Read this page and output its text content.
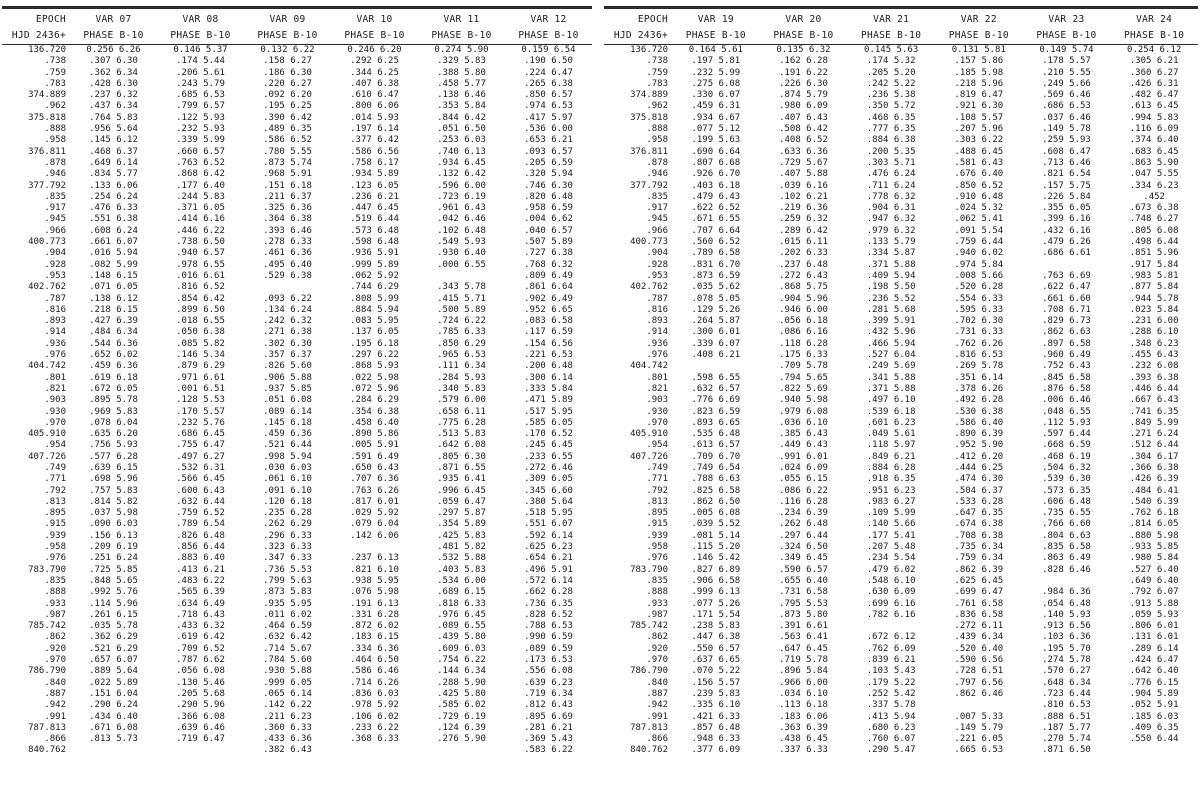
EPOCH	VAR 07	VAR 08	VAR 09	VAR 10	VAR 11	VAR 12
HJD 2436+	PHASE B-10	PHASE B-10	PHASE B-10	PHASE B-10	PHASE B-10	PHASE B-10
136.720	0.256 6.26	0.146 5.37	0.132 6.22	0.246 6.20	0.274 5.90	0.159 6.54
.738	.307 6.30	.174 5.44	.158 6.27	.292 6.25	.329 5.83	.190 6.50
.759	.362 6.34	.206 5.61	.186 6.30	.344 6.25	.388 5.80	.224 6.47
.783	.428 6.30	.243 5.79	.220 6.27	.407 6.38	.458 5.77	.265 6.38
374.889	.237 6.32	.685 6.53	.092 6.20	.610 6.47	.138 6.46	.850 6.57
.962	.437 6.34	.799 6.57	.195 6.25	.800 6.06	.353 5.84	.974 6.53
375.818	.764 5.83	.122 5.93	.390 6.42	.014 5.93	.844 6.42	.417 5.97
.888	.956 5.64	.232 5.93	.489 6.35	.197 6.14	.051 6.50	.536 6.00
.958	.145 6.12	.339 5.99	.586 6.52	.377 6.42	.253 6.03	.653 6.21
376.811	.468 6.37	.660 6.57	.780 5.55	.586 6.56	.740 6.13	.093 6.57
.878	.649 6.14	.763 6.52	.873 5.74	.758 6.17	.934 6.45	.205 6.59
.946	.834 5.77	.868 6.42	.968 5.91	.934 5.89	.132 6.42	.320 5.94
377.792	.133 6.06	.177 6.40	.151 6.18	.123 6.05	.596 6.00	.746 6.30
.835	.254 6.24	.244 5.83	.211 6.37	.236 6.21	.723 6.19	.820 6.48
.917	.476 6.33	.371 6.05	.325 6.36	.447 6.45	.961 6.43	.958 6.59
.945	.551 6.38	.414 6.16	.364 6.38	.519 6.44	.042 6.46	.004 6.62
.966	.608 6.24	.446 6.22	.393 6.46	.573 6.48	.102 6.48	.040 6.57
400.773	.661 6.07	.738 6.50	.278 6.33	.598 6.48	.549 5.93	.507 5.89
.904	.016 5.94	.940 6.57	.461 6.36	.936 5.91	.930 6.40	.727 6.38
.928	.082 5.99	.978 6.55	.495 6.40	.999 5.89	.000 6.55	.768 6.32
.953	.148 6.15	.016 6.61	.529 6.38	.062 5.92		.809 6.49
402.762	.071 6.05	.816 6.52		.744 6.29	.343 5.78	.861 6.64
.787	.138 6.12	.854 6.42	.093 6.22	.808 5.99	.415 5.71	.902 6.49
.816	.218 6.15	.899 6.50	.134 6.24	.884 5.94	.500 5.89	.952 6.65
.893	.427 6.39	.018 6.55	.242 6.32	.083 5.95	.724 6.22	.083 6.58
.914	.484 6.34	.050 6.38	.271 6.38	.137 6.05	.785 6.33	.117 6.59
.936	.544 6.36	.085 5.82	.302 6.30	.195 6.18	.850 6.29	.154 6.56
.976	.652 6.02	.146 5.34	.357 6.37	.297 6.22	.965 6.53	.221 6.53
404.742	.459 6.36	.879 6.29	.826 5.60	.868 5.93	.111 6.34	.200 6.48
.801	.619 6.18	.971 6.61	.906 5.88	.022 5.98	.284 5.93	.300 6.14
.821	.672 6.05	.001 6.51	.937 5.85	.072 5.96	.340 5.83	.333 5.84
.903	.895 5.78	.128 5.53	.051 6.08	.284 6.29	.579 6.00	.471 5.89
.930	.969 5.83	.170 5.57	.089 6.14	.354 6.38	.658 6.11	.517 5.95
.970	.078 6.04	.232 5.76	.145 6.18	.458 6.40	.775 6.28	.585 6.05
405.910	.635 6.20	.686 6.45	.459 6.36	.890 5.86	.513 5.83	.170 6.52
.954	.756 5.93	.755 6.47	.521 6.44	.005 5.91	.642 6.08	.245 6.45
407.726	.577 6.28	.497 6.27	.998 5.94	.591 6.49	.805 6.30	.233 6.55
.749	.639 6.15	.532 6.31	.030 6.03	.650 6.43	.871 6.55	.272 6.46
.771	.698 5.96	.566 6.45	.061 6.10	.707 6.36	.935 6.41	.309 6.05
.792	.757 5.83	.600 6.43	.091 6.10	.763 6.26	.996 6.45	.345 6.60
.813	.814 5.82	.632 6.44	.120 6.18	.817 6.01	.059 6.47	.380 5.64
.895	.037 5.98	.759 6.52	.235 6.28	.029 5.92	.297 5.87	.518 5.95
.915	.090 6.03	.789 6.54	.262 6.29	.079 6.04	.354 5.89	.551 6.07
.939	.156 6.13	.826 6.48	.296 6.33	.142 6.06	.425 5.83	.592 6.14
.958	.209 6.19	.856 6.44	.323 6.33		.481 5.82	.625 6.23
.976	.251 6.24	.883 6.40	.347 6.33	.237 6.13	.532 5.88	.654 6.21
783.790	.725 5.85	.413 6.21	.736 5.53	.821 6.10	.403 5.83	.496 5.91
.835	.848 5.65	.483 6.22	.799 5.63	.938 5.95	.534 6.00	.572 6.14
.888	.992 5.76	.565 6.39	.873 5.83	.076 5.98	.689 6.15	.662 6.28
.933	.114 5.96	.634 6.49	.935 5.95	.191 6.13	.818 6.33	.736 6.35
.987	.261 6.15	.718 6.43	.011 6.02	.331 6.28	.976 6.45	.828 6.52
785.742	.035 5.78	.433 6.32	.464 6.59	.872 6.02	.089 6.55	.788 6.53
.862	.362 6.29	.619 6.42	.632 6.42	.183 6.15	.439 5.80	.990 6.59
.920	.521 6.29	.709 6.52	.714 5.67	.334 6.36	.609 6.03	.089 6.59
.970	.657 6.07	.787 6.62	.784 5.60	.464 6.50	.754 6.22	.173 6.53
786.790	.889 5.64	.056 6.08	.930 5.88	.586 6.46	.144 6.34	.556 6.08
.840	.022 5.89	.130 5.46	.999 6.05	.714 6.26	.288 5.90	.639 6.23
.887	.151 6.04	.205 5.68	.065 6.14	.836 6.03	.425 5.80	.719 6.34
.942	.290 6.24	.290 5.96	.142 6.22	.978 5.92	.585 6.02	.812 6.43
.991	.434 6.40	.366 6.08	.211 6.23	.106 6.02	.729 6.19	.895 6.69
787.813	.671 6.08	.639 6.46	.360 6.33	.233 6.22	.124 6.39	.281 6.21
.866	.813 5.73	.719 6.47	.433 6.36	.368 6.33	.276 5.90	.369 5.43
840.762			.382 6.43			.583 6.22
EPOCH	VAR 19	VAR 20	VAR 21	VAR 22	VAR 23	VAR 24
HJD 2436+	PHASE B-10	PHASE B-10	PHASE B-10	PHASE B-10	PHASE B-10	PHASE B-10
136.720	0.164 5.61	0.135 6.32	0.145 5.63	0.131 5.81	0.149 5.74	0.254 6.12
.738	.197 5.81	.162 6.28	.174 5.32	.157 5.86	.178 5.57	.305 6.21
.759	.232 5.99	.191 6.22	.205 5.20	.185 5.98	.210 5.55	.360 6.27
.783	.275 6.08	.226 6.30	.242 5.22	.218 5.96	.249 5.66	.426 6.31
374.889	.330 6.07	.874 5.79	.236 5.38	.819 6.47	.569 6.46	.482 6.47
.962	.459 6.31	.980 6.09	.350 5.72	.921 6.30	.686 6.53	.613 6.45
375.818	.934 6.67	.407 6.43	.468 6.35	.108 5.57	.037 6.46	.994 5.83
.888	.077 5.12	.508 6.42	.777 6.35	.207 5.96	.149 5.78	.116 6.09
.958	.199 5.63	.408 6.52	.884 6.38	.303 6.22	.259 5.93	.374 6.40
376.811	.690 6.64	.633 6.36	.200 5.35	.488 6.45	.608 6.47	.683 6.45
.878	.807 6.68	.729 5.67	.303 5.71	.581 6.43	.713 6.46	.863 5.90
.946	.926 6.70	.407 5.88	.476 6.24	.676 6.40	.821 6.54	.047 5.55
377.792	.403 6.18	.039 6.16	.711 6.24	.850 6.52	.157 5.75	.334 6.23
.835	.479 6.43	.102 6.21	.778 6.32	.910 6.48	.226 5.84	.452
.917	.622 6.52	.219 6.36	.904 6.31	.024 5.32	.355 6.05	.673 6.38
.945	.671 6.55	.259 6.32	.947 6.32	.062 5.41	.399 6.16	.748 6.27
.966	.707 6.64	.289 6.42	.979 6.32	.091 5.54	.432 6.16	.805 6.08
400.773	.560 6.52	.015 6.11	.133 5.79	.759 6.44	.479 6.26	.498 6.44
.904	.789 6.58	.202 6.33	.334 5.87	.940 6.02	.686 6.61	.851 5.96
.928	.831 6.70	.237 6.48	.371 5.88	.974 5.84		.917 5.84
.953	.873 6.59	.272 6.43	.409 5.94	.008 5.66	.763 6.69	.983 5.81
402.762	.035 5.62	.868 5.75	.198 5.50	.520 6.28	.622 6.47	.877 5.84
.787	.078 5.05	.904 5.96	.236 5.52	.554 6.33	.661 6.60	.944 5.78
.816	.129 5.26	.946 6.00	.281 5.68	.595 6.33	.708 6.71	.023 5.84
.893	.264 5.87	.056 6.18	.399 5.91	.702 6.30	.829 6.73	.231 6.00
.914	.300 6.01	.086 6.16	.432 5.96	.731 6.33	.862 6.63	.288 6.10
.936	.339 6.07	.118 6.28	.466 5.94	.762 6.26	.897 6.58	.348 6.23
.976	.408 6.21	.175 6.33	.527 6.04	.816 6.53	.960 6.49	.455 6.43
404.742		.709 5.78	.249 5.69	.269 5.78	.752 6.43	.232 6.08
.801	.598 6.55	.794 5.65	.341 5.88	.351 6.14	.845 6.58	.393 6.38
.821	.632 6.57	.822 5.69	.371 5.88	.378 6.26	.876 6.58	.446 6.44
.903	.776 6.69	.940 5.98	.497 6.10	.492 6.28	.006 6.46	.667 6.43
.930	.823 6.59	.979 6.08	.539 6.18	.530 6.38	.048 6.55	.741 6.35
.970	.893 6.65	.036 6.10	.601 6.23	.586 6.40	.112 5.93	.849 5.99
405.910	.535 6.48	.385 6.43	.049 5.61	.890 6.39	.597 6.44	.271 6.24
.954	.613 6.57	.449 6.43	.118 5.97	.952 5.90	.668 6.59	.512 6.44
407.726	.709 6.70	.991 6.01	.849 6.21	.412 6.20	.468 6.19	.304 6.17
.749	.749 6.54	.024 6.09	.884 6.28	.444 6.25	.504 6.32	.366 6.38
.771	.788 6.63	.055 6.15	.918 6.35	.474 6.30	.539 6.30	.426 6.39
.792	.825 6.58	.086 6.22	.951 6.23	.504 6.37	.573 6.35	.484 6.41
.813	.862 6.50	.116 6.28	.983 6.27	.533 6.28	.606 6.48	.540 6.39
.895	.005 6.08	.234 6.39	.109 5.99	.647 6.35	.735 6.55	.762 6.18
.915	.039 5.52	.262 6.48	.140 5.66	.674 6.38	.766 6.60	.814 6.05
.939	.081 5.14	.297 6.44	.177 5.41	.708 6.38	.804 6.63	.880 5.98
.958	.115 5.20	.324 6.50	.207 5.48	.735 6.34	.835 6.58	.933 5.85
.976	.146 5.42	.349 6.45	.234 5.54	.759 6.34	.863 6.49	.980 5.84
783.790	.827 6.89	.590 6.57	.479 6.02	.862 6.39	.828 6.46	.527 6.40
.835	.906 6.58	.655 6.40	.548 6.10	.625 6.45		.649 6.40
.888	.999 6.13	.731 6.58	.630 6.09	.699 6.47	.984 6.36	.792 6.07
.933	.077 5.26	.795 5.53	.699 6.16	.761 6.58	.054 6.48	.913 5.88
.987	.171 5.54	.873 5.80	.782 6.16	.836 6.58	.140 5.93	.059 5.93
785.742	.238 5.83	.391 6.61		.272 6.11	.913 6.56	.806 6.01
.862	.447 6.38	.563 6.41	.672 6.12	.439 6.34	.103 6.36	.131 6.01
.920	.550 6.57	.647 6.45	.762 6.09	.520 6.40	.195 5.70	.289 6.14
.970	.637 6.65	.719 5.78	.839 6.21	.590 6.56	.274 5.78	.424 6.47
786.790	.070 5.22	.896 5.84	.103 5.43	.728 6.51	.570 6.27	.642 6.40
.840	.156 5.57	.966 6.00	.179 5.22	.797 6.56	.648 6.34	.776 6.15
.887	.239 5.83	.034 6.10	.252 5.42	.862 6.46	.723 6.44	.904 5.89
.942	.335 6.10	.113 6.18	.337 5.78		.810 6.53	.052 5.91
.991	.421 6.33	.183 6.06	.413 5.94	.007 5.33	.888 6.51	.185 6.03
787.813	.857 6.48	.363 6.39	.680 6.23	.149 5.79	.187 5.77	.409 6.35
.866	.948 6.33	.438 6.45	.760 6.07	.221 6.05	.270 5.74	.550 6.44
840.762	.377 6.09	.337 6.33	.290 5.47	.665 6.53	.871 6.50	
